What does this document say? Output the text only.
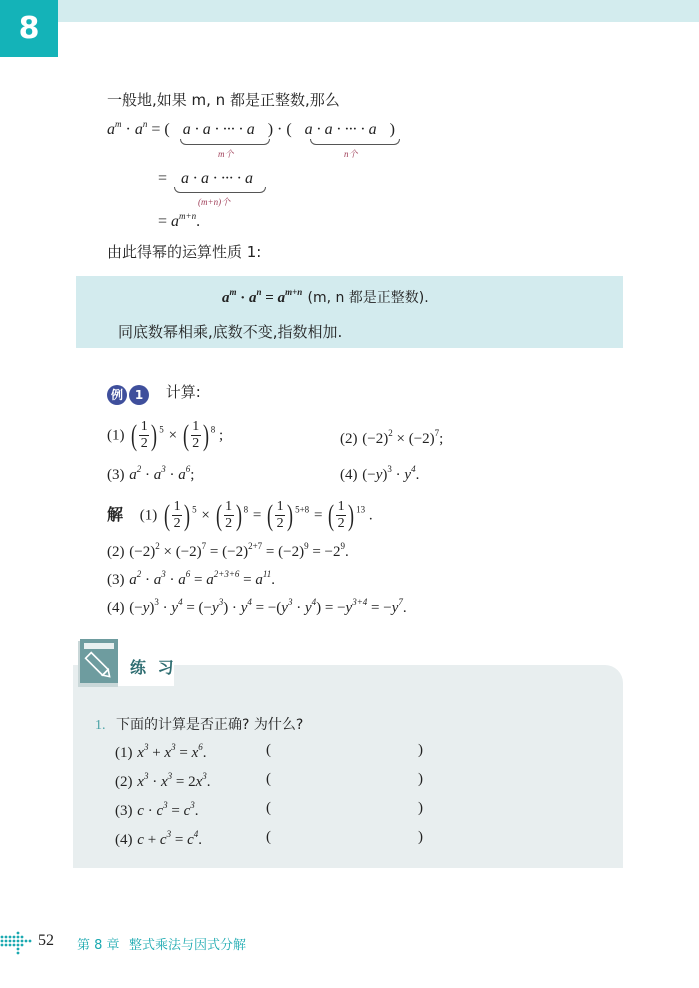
8
一般地,如果 m, n 都是正整数,那么
$a^m \cdot a^n$ = ( a · a · ··· · a ) · ( a · a · ··· · a )
m个	n个
= a · a · ··· · a
(m+n)个
= $a^{m+n}$.
由此得幂的运算性质 1:
$a^m \cdot a^n = a^{m+n}$ (m, n 都是正整数).
同底数幂相乘,底数不变,指数相加.
例 1	计算:
(1) ( 1
2 ) $^5$ × ( 1
2 ) $^8$ ;	(2) $(-2)^2 \times (-2)^7$;
(3) $a^2 \cdot a^3 \cdot a^6$;	(4) $(-y)^3 \cdot y^4$.
解 (1) ( 1
2 ) $^5$ × ( 1
2 ) $^8$ = ( 1
2 ) $^{5+8}$ = ( 1
2 ) $^{13}$ .
(2) $(-2)^2 \times (-2)^7 = (-2)^{2+7} = (-2)^9 = -2^9$.
(3) $a^2 \cdot a^3 \cdot a^6 = a^{2+3+6} = a^{11}$.
(4) $(-y)^3 \cdot y^4 = (-y^3) \cdot y^4 = -(y^3 \cdot y^4) = -y^{3+4} = -y^7$.
练 习
1. 下面的计算是否正确? 为什么?
(1) $x^3 + x^3 = x^6$.	(	)
(2) $x^3 \cdot x^3 = 2x^3$.	(	)
(3) $c \cdot c^3 = c^3$.	(	)
(4) $c + c^3 = c^4$.	(	)
52 第 8 章 整式乘法与因式分解
